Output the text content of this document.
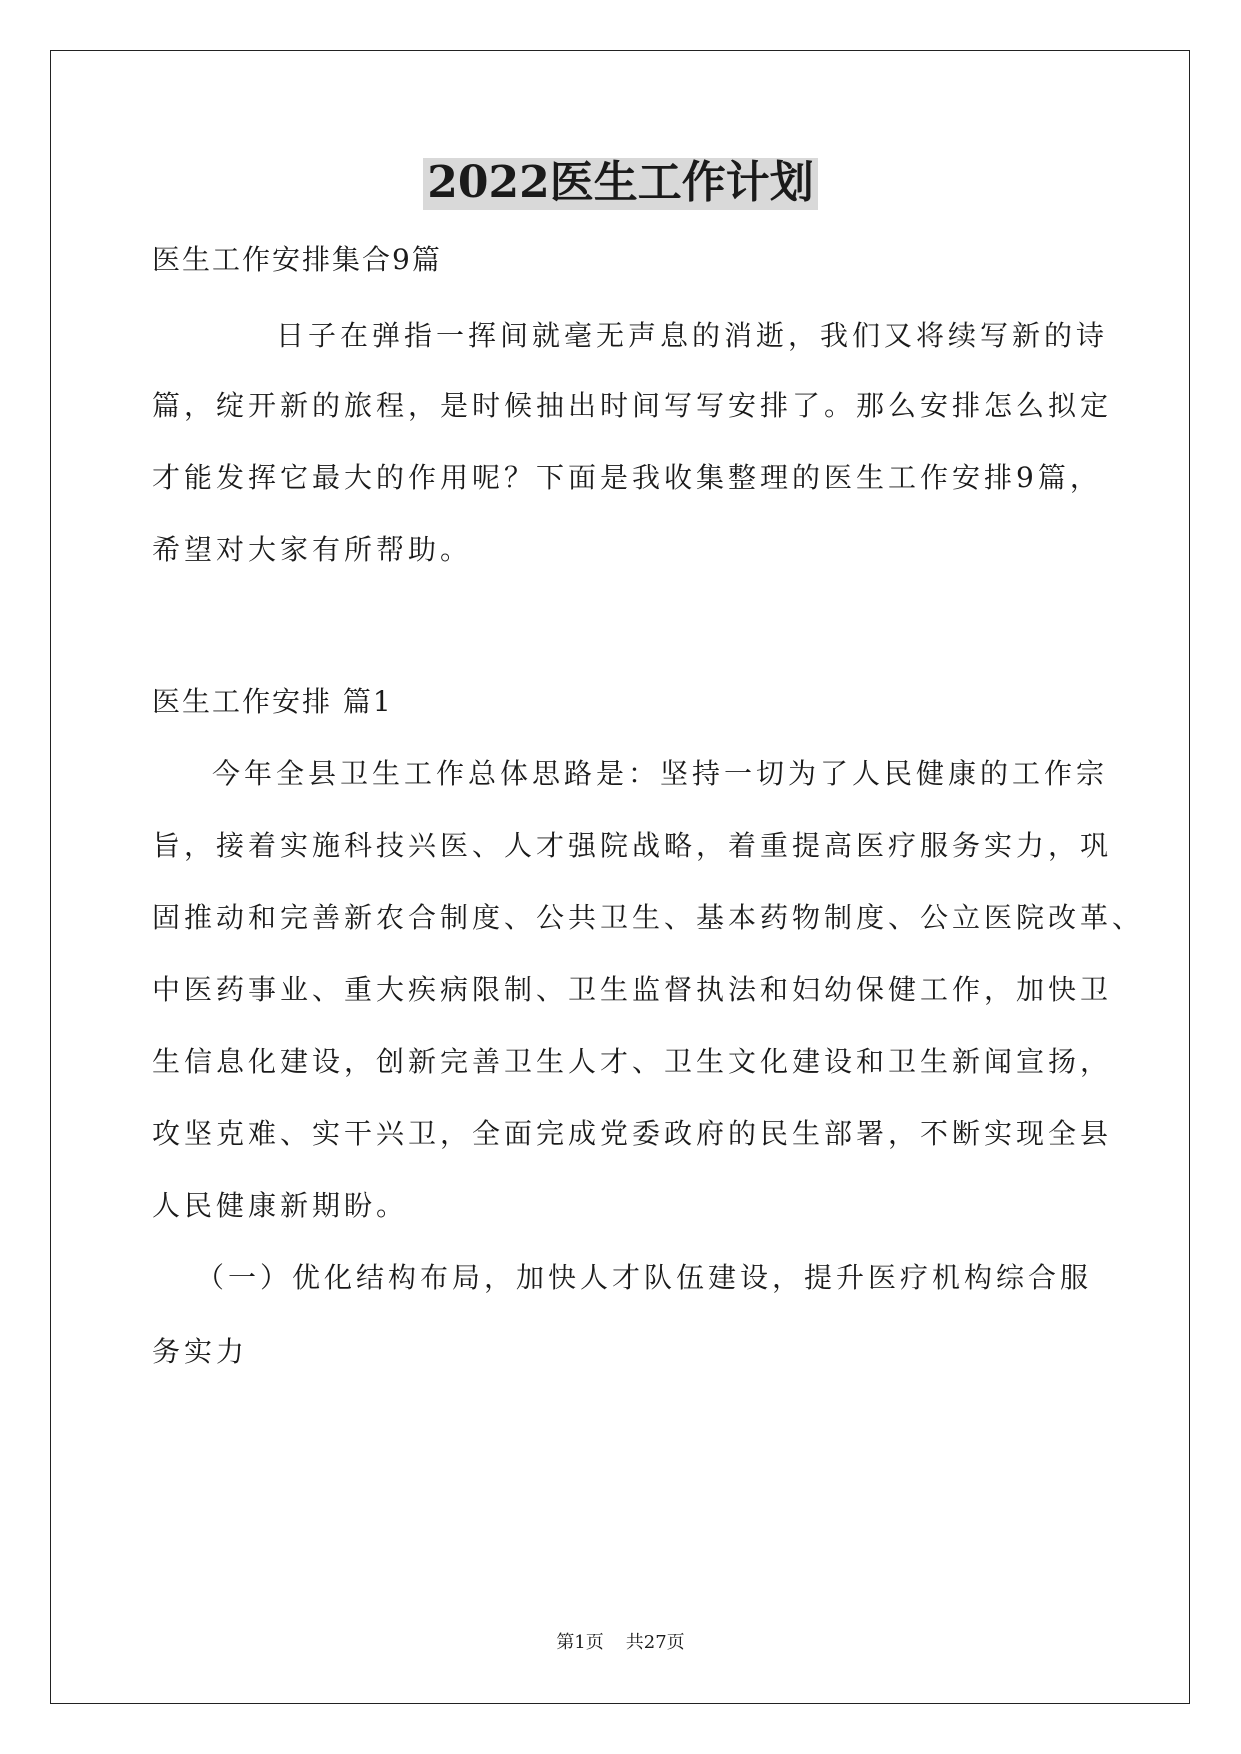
2022医生工作计划
医生工作安排集合9篇
日子在弹指一挥间就毫无声息的消逝，我们又将续写新的诗
篇，绽开新的旅程，是时候抽出时间写写安排了。那么安排怎么拟定
才能发挥它最大的作用呢？下面是我收集整理的医生工作安排9篇，
希望对大家有所帮助。
医生工作安排 篇1
今年全县卫生工作总体思路是：坚持一切为了人民健康的工作宗
旨，接着实施科技兴医、人才强院战略，着重提高医疗服务实力，巩
固推动和完善新农合制度、公共卫生、基本药物制度、公立医院改革、
中医药事业、重大疾病限制、卫生监督执法和妇幼保健工作，加快卫
生信息化建设，创新完善卫生人才、卫生文化建设和卫生新闻宣扬，
攻坚克难、实干兴卫，全面完成党委政府的民生部署，不断实现全县
人民健康新期盼。
（一）优化结构布局，加快人才队伍建设，提升医疗机构综合服
务实力
第1页 共27页
